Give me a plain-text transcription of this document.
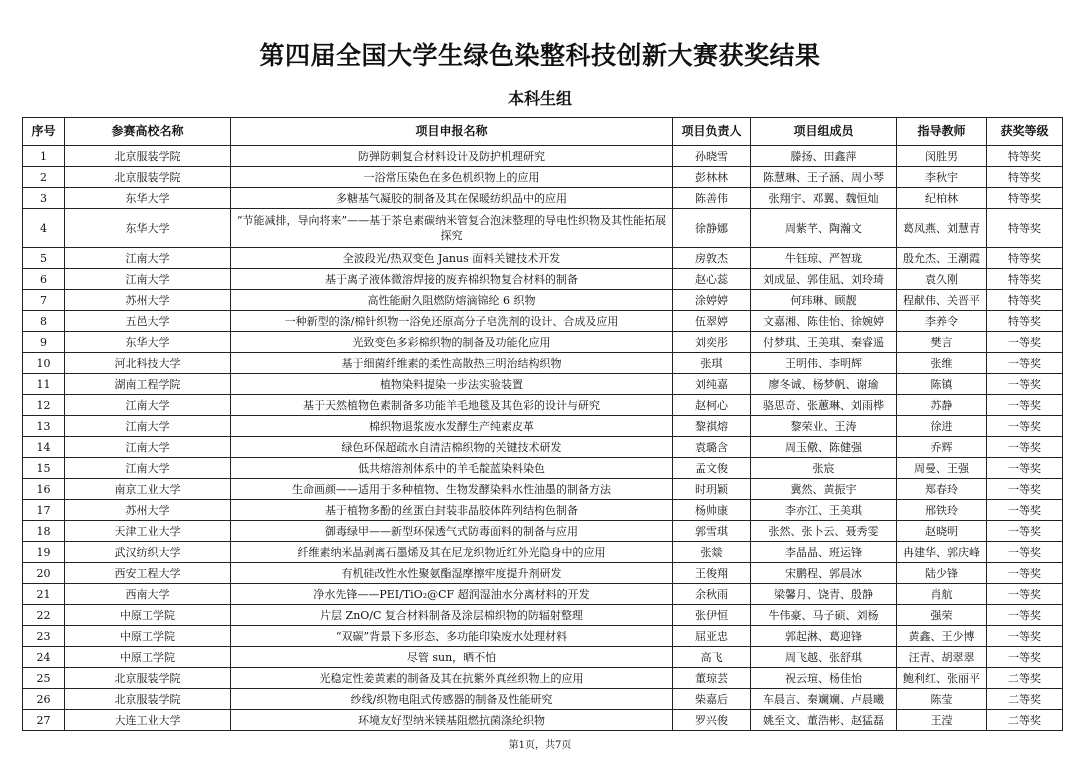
第四届全国大学生绿色染整科技创新大赛获奖结果
本科生组
序号	参赛高校名称	项目申报名称	项目负责人	项目组成员	指导教师	获奖等级
1	北京服装学院	防弹防刺复合材料设计及防护机理研究	孙晓雪	滕扬、田鑫萍	闵胜男	特等奖
2	北京服装学院	一浴常压染色在多色机织物上的应用	彭林林	陈慧琳、王子涵、周小琴	李秋宇	特等奖
3	东华大学	多糖基气凝胶的制备及其在保暖纺织品中的应用	陈善伟	张翔宇、邓翼、魏恒灿	纪柏林	特等奖
4	东华大学	“节能减排，导向将来”——基于茶皂素碳纳米管复合泡沫整理的导电性织物及其性能拓展探究	徐静娜	周紫芊、陶瀚文	葛凤燕、刘慧青	特等奖
5	江南大学	全波段光/热双变色 Janus 面料关键技术开发	房敦杰	牛钰琼、严智珑	殷允杰、王潮霞	特等奖
6	江南大学	基于离子液体微溶焊接的废弃棉织物复合材料的制备	赵心蕊	刘成显、郭佳凪、刘玲琦	袁久刚	特等奖
7	苏州大学	高性能耐久阻燃防熔滴锦纶 6 织物	涂婷婷	何玮琳、顾靓	程献伟、关晋平	特等奖
8	五邑大学	一种新型的涤/棉针织物一浴免还原高分子皂洗剂的设计、合成及应用	伍翠婷	文嘉湘、陈佳怡、徐婉婷	李养令	特等奖
9	东华大学	光致变色多彩棉织物的制备及功能化应用	刘奕彤	付梦琪、王美琪、秦睿遥	樊言	一等奖
10	河北科技大学	基于细菌纤维素的柔性高散热三明治结构织物	张琪	王明伟、李明辉	张维	一等奖
11	湖南工程学院	植物染料提染一步法实验装置	刘纯嘉	廖冬诚、杨梦帆、谢瑜	陈镇	一等奖
12	江南大学	基于天然植物色素制备多功能羊毛地毯及其色彩的设计与研究	赵柯心	骆思奇、张蕙琳、刘雨桦	苏静	一等奖
13	江南大学	棉织物退浆废水发酵生产纯素皮革	黎祺熔	黎荣业、王涛	徐进	一等奖
14	江南大学	绿色环保超疏水自清洁棉织物的关键技术研发	袁璐含	周玉儆、陈健强	乔辉	一等奖
15	江南大学	低共熔溶剂体系中的羊毛靛蓝染料染色	孟文俊	张宸	周曼、王强	一等奖
16	南京工业大学	生命画颜——适用于多种植物、生物发酵染料水性油墨的制备方法	时玥颖	冀然、黄振宇	郑春玲	一等奖
17	苏州大学	基于植物多酚的丝蛋白封装非晶胶体阵列结构色制备	杨帅康	李亦江、王美琪	邢铁玲	一等奖
18	天津工业大学	御毒绿甲——新型环保透气式防毒面料的制备与应用	郭雪琪	张然、张卜云、聂秀雯	赵晓明	一等奖
19	武汉纺织大学	纤维素纳米晶剥离石墨烯及其在尼龙织物近红外光隐身中的应用	张燚	李晶晶、班运锋	冉建华、郭庆峰	一等奖
20	西安工程大学	有机硅改性水性聚氨酯湿摩擦牢度提升剂研发	王俊翔	宋鹏程、郭晨冰	陆少锋	一等奖
21	西南大学	净水先锋——PEI/TiO₂@CF 超润湿油水分离材料的开发	余秋雨	梁馨月、饶青、殷静	肖航	一等奖
22	中原工学院	片层 ZnO/C 复合材料制备及涂层棉织物的防辐射整理	张伊恒	牛伟豪、马子硕、刘杨	强荣	一等奖
23	中原工学院	“双碳”背景下多形态、多功能印染废水处理材料	屈亚忠	郭起淋、葛迎锋	黄鑫、王少博	一等奖
24	中原工学院	尽管 sun，晒不怕	高飞	周飞越、张舒琪	汪青、胡翠翠	一等奖
25	北京服装学院	光稳定性姜黄素的制备及其在抗紫外真丝织物上的应用	董琼芸	祝云瑄、杨佳怡	鲍利红、张丽平	二等奖
26	北京服装学院	纱线/织物电阻式传感器的制备及性能研究	柴嘉后	车晨言、秦斓斓、卢晨曦	陈莹	二等奖
27	大连工业大学	环境友好型纳米镁基阻燃抗菌涤纶织物	罗兴俊	姚至文、董浩彬、赵猛磊	王滢	二等奖
第1页，共7页
